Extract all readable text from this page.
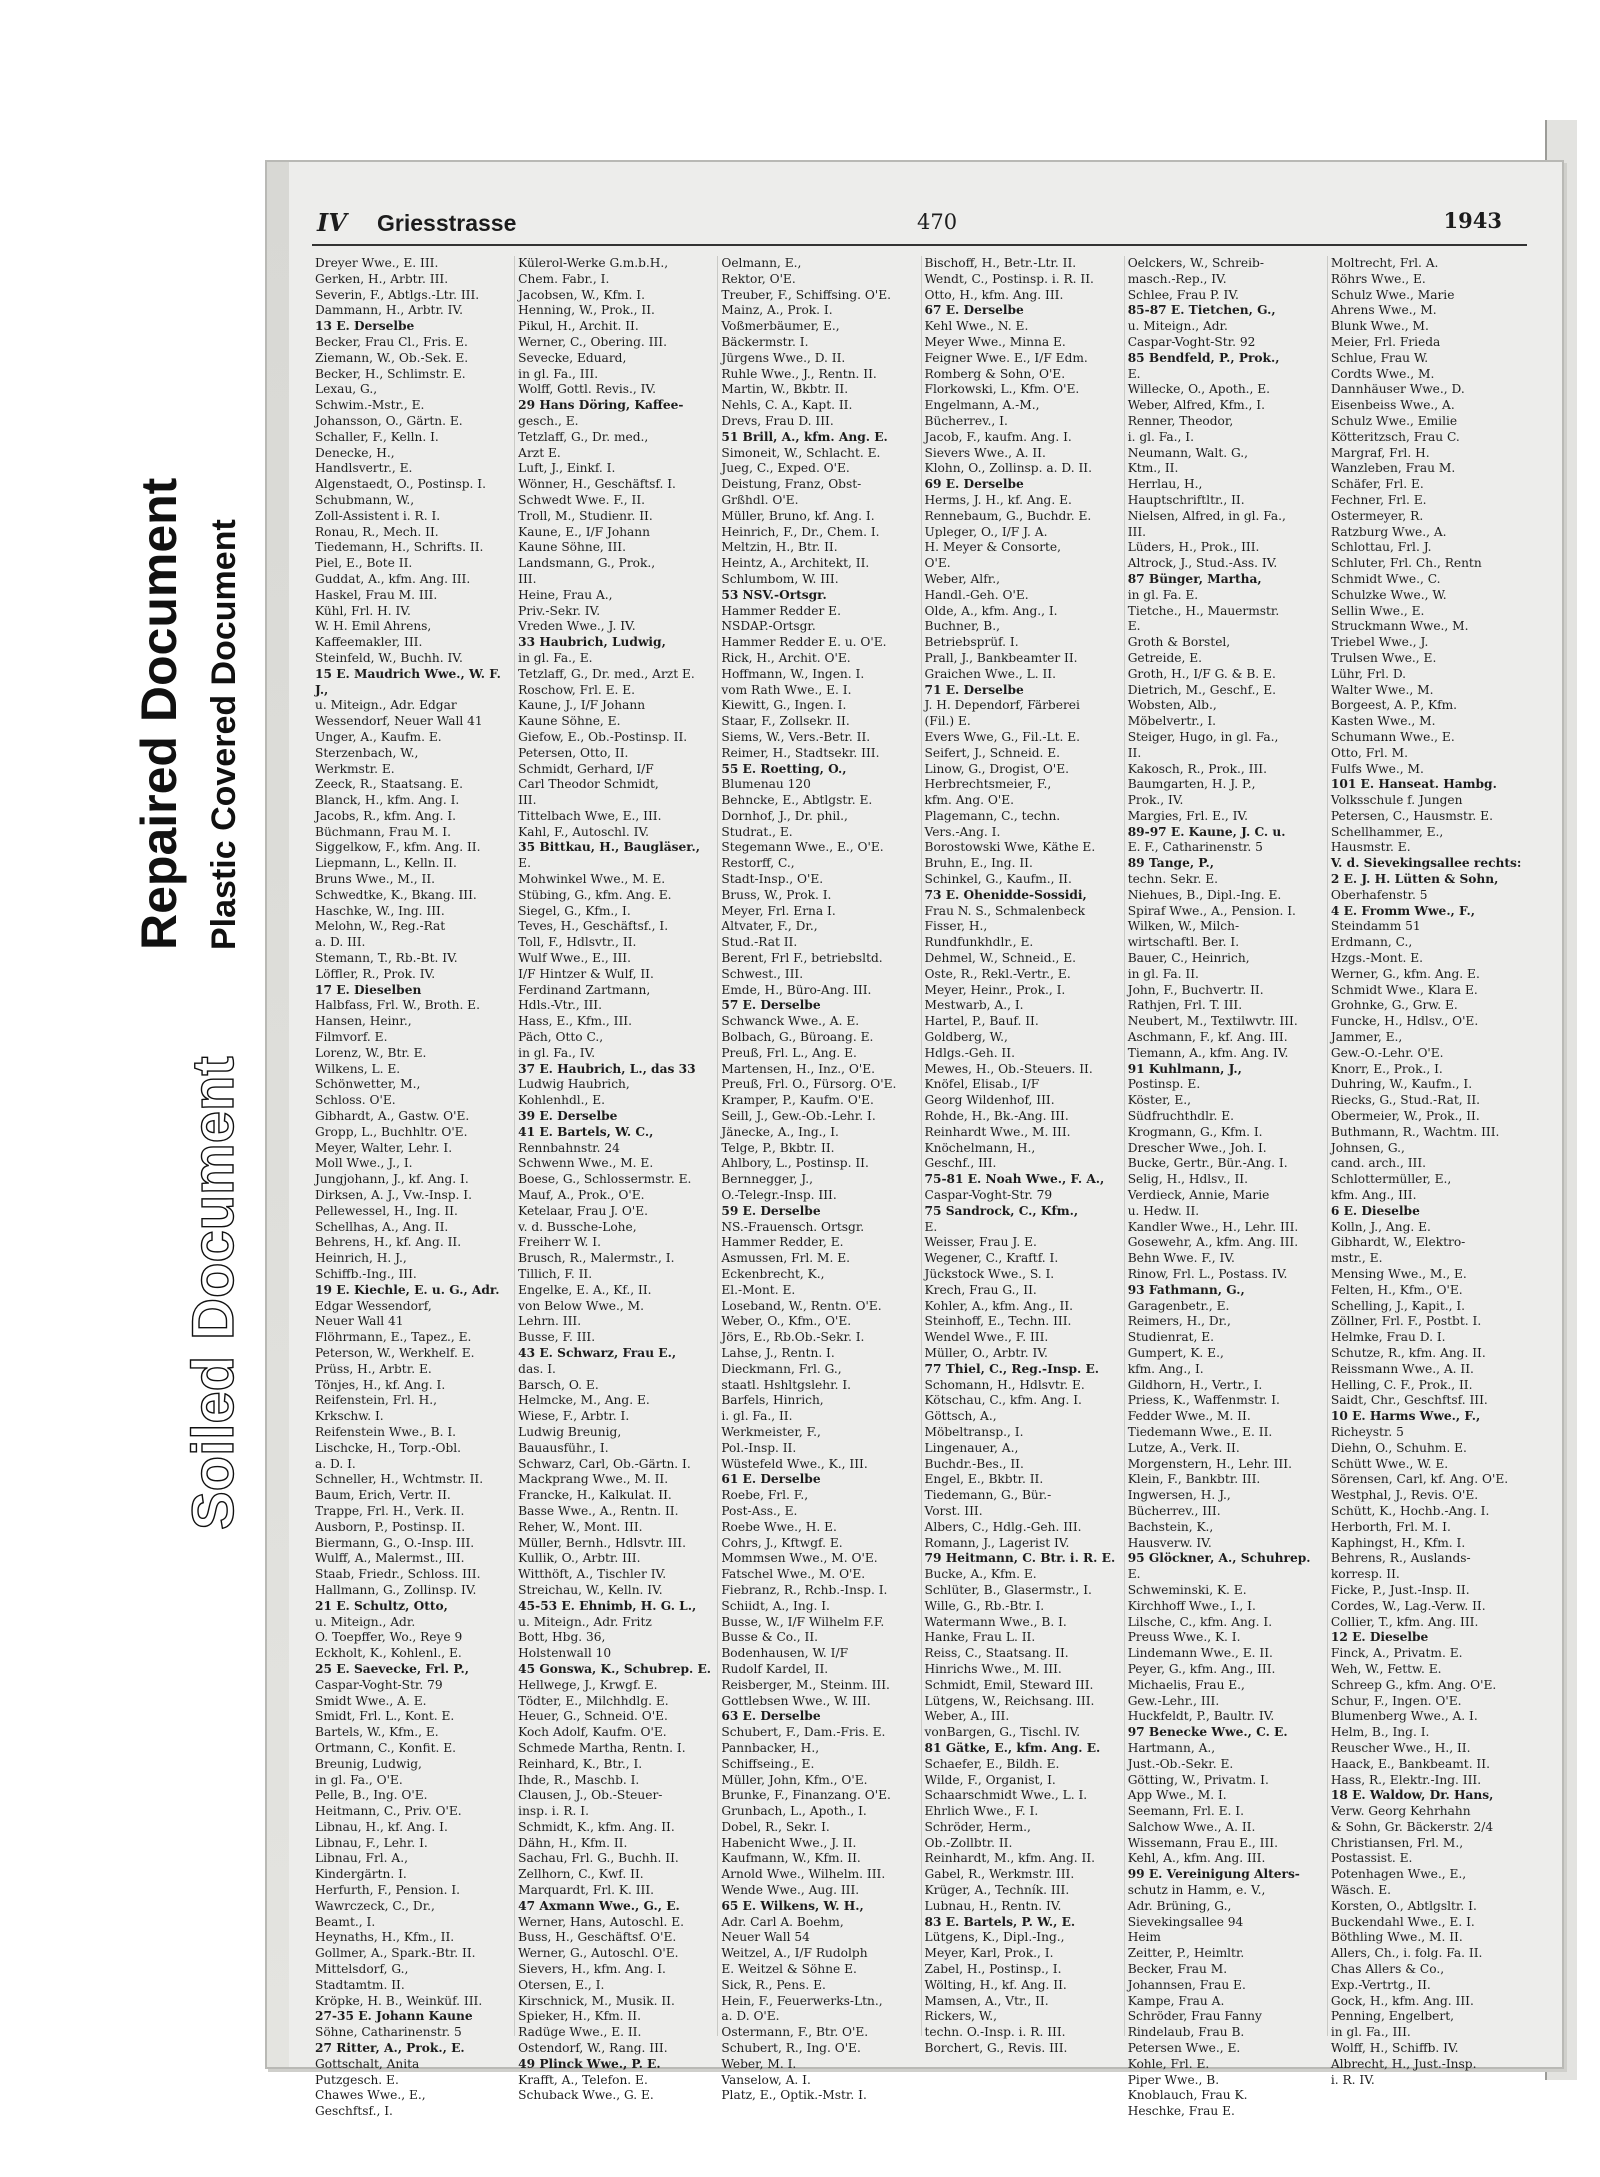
Repaired Document Plastic Covered Document
Soiled Document
IV Griesstrasse	470	1943

Dreyer Wwe., E. III.

Gerken, H., Arbtr. III.

Severin, F., Abtlgs.-Ltr. III.

Dammann, H., Arbtr. IV.

13 E. Derselbe

Becker, Frau Cl., Fris. E.

Ziemann, W., Ob.-Sek. E.

Becker, H., Schlimstr. E.

Lexau, G.,

Schwim.-Mstr., E.

Johansson, O., Gärtn. E.

Schaller, F., Kelln. I.

Denecke, H.,

Handlsvertr., E.

Algenstaedt, O., Postinsp. I.

Schubmann, W.,

Zoll-Assistent i. R. I.

Ronau, R., Mech. II.

Tiedemann, H., Schrifts. II.

Piel, E., Bote II.

Guddat, A., kfm. Ang. III.

Haskel, Frau M. III.

Kühl, Frl. H. IV.

W. H. Emil Ahrens,

Kaffeemakler, III.

Steinfeld, W., Buchh. IV.

15 E. Maudrich Wwe., W. F. J.,

u. Miteign., Adr. Edgar

Wessendorf, Neuer Wall 41

Unger, A., Kaufm. E.

Sterzenbach, W.,

Werkmstr. E.

Zeeck, R., Staatsang. E.

Blanck, H., kfm. Ang. I.

Jacobs, R., kfm. Ang. I.

Büchmann, Frau M. I.

Siggelkow, F., kfm. Ang. II.

Liepmann, L., Kelln. II.

Bruns Wwe., M., II.

Schwedtke, K., Bkang. III.

Haschke, W., Ing. III.

Melohn, W., Reg.-Rat

a. D. III.

Stemann, T., Rb.-Bt. IV.

Löffler, R., Prok. IV.

17 E. Dieselben

Halbfass, Frl. W., Broth. E.

Hansen, Heinr.,

Filmvorf. E.

Lorenz, W., Btr. E.

Wilkens, L. E.

Schönwetter, M.,

Schloss. O'E.

Gibhardt, A., Gastw. O'E.

Gropp, L., Buchhltr. O'E.

Meyer, Walter, Lehr. I.

Moll Wwe., J., I.

Jungjohann, J., kf. Ang. I.

Dirksen, A. J., Vw.-Insp. I.

Pellewessel, H., Ing. II.

Schellhas, A., Ang. II.

Behrens, H., kf. Ang. II.

Heinrich, H. J.,

Schiffb.-Ing., III.

19 E. Kiechle, E. u. G., Adr.

Edgar Wessendorf,

Neuer Wall 41

Flöhrmann, E., Tapez., E.

Peterson, W., Werkhelf. E.

Prüss, H., Arbtr. E.

Tönjes, H., kf. Ang. I.

Reifenstein, Frl. H.,

Krkschw. I.

Reifenstein Wwe., B. I.

Lischcke, H., Torp.-Obl.

a. D. I.

Schneller, H., Wchtmstr. II.

Baum, Erich, Vertr. II.

Trappe, Frl. H., Verk. II.

Ausborn, P., Postinsp. II.

Biermann, G., O.-Insp. III.

Wulff, A., Malermst., III.

Staab, Friedr., Schloss. III.

Hallmann, G., Zollinsp. IV.

21 E. Schultz, Otto,

u. Miteign., Adr.

O. Toepffer, Wo., Reye 9

Eckholt, K., Kohlenl., E.

25 E. Saevecke, Frl. P.,

Caspar-Voght-Str. 79

Smidt Wwe., A. E.

Smidt, Frl. L., Kont. E.

Bartels, W., Kfm., E.

Ortmann, C., Konfit. E.

Breunig, Ludwig,

in gl. Fa., O'E.

Pelle, B., Ing. O'E.

Heitmann, C., Priv. O'E.

Libnau, H., kf. Ang. I.

Libnau, F., Lehr. I.

Libnau, Frl. A.,

Kindergärtn. I.

Herfurth, F., Pension. I.

Wawrczeck, C., Dr.,

Beamt., I.

Heynaths, H., Kfm., II.

Gollmer, A., Spark.-Btr. II.

Mittelsdorf, G.,

Stadtamtm. II.

Kröpke, H. B., Weinküf. III.

27-35 E. Johann Kaune

Söhne, Catharinenstr. 5

27 Ritter, A., Prok., E.

Gottschalt, Anita

Putzgesch. E.

Chawes Wwe., E.,

Geschftsf., I.

Külerol-Werke G.m.b.H.,

Chem. Fabr., I.

Jacobsen, W., Kfm. I.

Henning, W., Prok., II.

Pikul, H., Archit. II.

Werner, C., Obering. III.

Sevecke, Eduard,

in gl. Fa., III.

Wolff, Gottl. Revis., IV.

29 Hans Döring, Kaffee-

gesch., E.

Tetzlaff, G., Dr. med.,

Arzt E.

Luft, J., Einkf. I.

Wönner, H., Geschäftsf. I.

Schwedt Wwe. F., II.

Troll, M., Studienr. II.

Kaune, E., I/F Johann

Kaune Söhne, III.

Landsmann, G., Prok.,

III.

Heine, Frau A.,

Priv.-Sekr. IV.

Vreden Wwe., J. IV.

33 Haubrich, Ludwig,

in gl. Fa., E.

Tetzlaff, G., Dr. med., Arzt E.

Roschow, Frl. E. E.

Kaune, J., I/F Johann

Kaune Söhne, E.

Giefow, E., Ob.-Postinsp. II.

Petersen, Otto, II.

Schmidt, Gerhard, I/F

Carl Theodor Schmidt,

III.

Tittelbach Wwe, E., III.

Kahl, F., Autoschl. IV.

35 Bittkau, H., Baugläser.,

E.

Mohwinkel Wwe., M. E.

Stübing, G., kfm. Ang. E.

Siegel, G., Kfm., I.

Teves, H., Geschäftsf., I.

Toll, F., Hdlsvtr., II.

Wulf Wwe., E., III.

I/F Hintzer & Wulf, II.

Ferdinand Zartmann,

Hdls.-Vtr., III.

Hass, E., Kfm., III.

Päch, Otto C.,

in gl. Fa., IV.

37 E. Haubrich, L., das 33

Ludwig Haubrich,

Kohlenhdl., E.

39 E. Derselbe

41 E. Bartels, W. C.,

Rennbahnstr. 24

Schwenn Wwe., M. E.

Boese, G., Schlossermstr. E.

Mauf, A., Prok., O'E.

Ketelaar, Frau J. O'E.

v. d. Bussche-Lohe,

Freiherr W. I.

Brusch, R., Malermstr., I.

Tillich, F. II.

Engelke, E. A., Kf., II.

von Below Wwe., M.

Lehrn. III.

Busse, F. III.

43 E. Schwarz, Frau E.,

das. I.

Barsch, O. E.

Helmcke, M., Ang. E.

Wiese, F., Arbtr. I.

Ludwig Breunig,

Bauausführ., I.

Schwarz, Carl, Ob.-Gärtn. I.

Mackprang Wwe., M. II.

Francke, H., Kalkulat. II.

Basse Wwe., A., Rentn. II.

Reher, W., Mont. III.

Müller, Bernh., Hdlsvtr. III.

Kullik, O., Arbtr. III.

Witthöft, A., Tischler IV.

Streichau, W., Kelln. IV.

45-53 E. Ehnimb, H. G. L.,

u. Miteign., Adr. Fritz

Bott, Hbg. 36,

Holstenwall 10

45 Gonswa, K., Schubrep. E.

Hellwege, J., Krwgf. E.

Tödter, E., Milchhdlg. E.

Heuer, G., Schneid. O'E.

Koch Adolf, Kaufm. O'E.

Schmede Martha, Rentn. I.

Reinhard, K., Btr., I.

Ihde, R., Maschb. I.

Clausen, J., Ob.-Steuer-

insp. i. R. I.

Schmidt, K., kfm. Ang. II.

Dähn, H., Kfm. II.

Sachau, Frl. G., Buchh. II.

Zellhorn, C., Kwf. II.

Marquardt, Frl. K. III.

47 Axmann Wwe., G., E.

Werner, Hans, Autoschl. E.

Buss, H., Geschäftsf. O'E.

Werner, G., Autoschl. O'E.

Sievers, H., kfm. Ang. I.

Otersen, E., I.

Kirschnick, M., Musik. II.

Spieker, H., Kfm. II.

Radüge Wwe., E. II.

Ostendorf, W., Rang. III.

49 Plinck Wwe., P. E.

Krafft, A., Telefon. E.

Schuback Wwe., G. E.

Oelmann, E.,

Rektor, O'E.

Treuber, F., Schiffsing. O'E.

Mainz, A., Prok. I.

Voßmerbäumer, E.,

Bäckermstr. I.

Jürgens Wwe., D. II.

Ruhle Wwe., J., Rentn. II.

Martin, W., Bkbtr. II.

Nehls, C. A., Kapt. II.

Drevs, Frau D. III.

51 Brill, A., kfm. Ang. E.

Simoneit, W., Schlacht. E.

Jueg, C., Exped. O'E.

Deistung, Franz, Obst-

Grßhdl. O'E.

Müller, Bruno, kf. Ang. I.

Heinrich, F., Dr., Chem. I.

Meltzin, H., Btr. II.

Heintz, A., Architekt, II.

Schlumbom, W. III.

53 NSV.-Ortsgr.

Hammer Redder E.

NSDAP.-Ortsgr.

Hammer Redder E. u. O'E.

Rick, H., Archit. O'E.

Hoffmann, W., Ingen. I.

vom Rath Wwe., E. I.

Kiewitt, G., Ingen. I.

Staar, F., Zollsekr. II.

Siems, W., Vers.-Betr. II.

Reimer, H., Stadtsekr. III.

55 E. Roetting, O.,

Blumenau 120

Behncke, E., Abtlgstr. E.

Dornhof, J., Dr. phil.,

Studrat., E.

Stegemann Wwe., E., O'E.

Restorff, C.,

Stadt-Insp., O'E.

Bruss, W., Prok. I.

Meyer, Frl. Erna I.

Altvater, F., Dr.,

Stud.-Rat II.

Berent, Frl F., betriebsltd.

Schwest., III.

Emde, H., Büro-Ang. III.

57 E. Derselbe

Schwanck Wwe., A. E.

Bolbach, G., Büroang. E.

Preuß, Frl. L., Ang. E.

Martensen, H., Inz., O'E.

Preuß, Frl. O., Fürsorg. O'E.

Kramper, P., Kaufm. O'E.

Seill, J., Gew.-Ob.-Lehr. I.

Jänecke, A., Ing., I.

Telge, P., Bkbtr. II.

Ahlbory, L., Postinsp. II.

Bernnegger, J.,

O.-Telegr.-Insp. III.

59 E. Derselbe

NS.-Frauensch. Ortsgr.

Hammer Redder, E.

Asmussen, Frl. M. E.

Eckenbrecht, K.,

El.-Mont. E.

Loseband, W., Rentn. O'E.

Weber, O., Kfm., O'E.

Jörs, E., Rb.Ob.-Sekr. I.

Lahse, J., Rentn. I.

Dieckmann, Frl. G.,

staatl. Hshltgslehr. I.

Barfels, Hinrich,

i. gl. Fa., II.

Werkmeister, F.,

Pol.-Insp. II.

Wüstefeld Wwe., K., III.

61 E. Derselbe

Roebe, Frl. F.,

Post-Ass., E.

Roebe Wwe., H. E.

Cohrs, J., Kftwgf. E.

Mommsen Wwe., M. O'E.

Fatschel Wwe., M. O'E.

Fiebranz, R., Rchb.-Insp. I.

Schiidt, A., Ing. I.

Busse, W., I/F Wilhelm F.F.

Busse & Co., II.

Bodenhausen, W. I/F

Rudolf Kardel, II.

Reisberger, M., Steinm. III.

Gottlebsen Wwe., W. III.

63 E. Derselbe

Schubert, F., Dam.-Fris. E.

Pannbacker, H.,

Schiffseing., E.

Müller, John, Kfm., O'E.

Brunke, F., Finanzang. O'E.

Grunbach, L., Apoth., I.

Dobel, R., Sekr. I.

Habenicht Wwe., J. II.

Kaufmann, W., Kfm. II.

Arnold Wwe., Wilhelm. III.

Wende Wwe., Aug. III.

65 E. Wilkens, W. H.,

Adr. Carl A. Boehm,

Neuer Wall 54

Weitzel, A., I/F Rudolph

E. Weitzel & Söhne E.

Sick, R., Pens. E.

Hein, F., Feuerwerks-Ltn.,

a. D. O'E.

Ostermann, F., Btr. O'E.

Schubert, R., Ing. O'E.

Weber, M. I.

Vanselow, A. I.

Platz, E., Optik.-Mstr. I.

Bischoff, H., Betr.-Ltr. II.

Wendt, C., Postinsp. i. R. II.

Otto, H., kfm. Ang. III.

67 E. Derselbe

Kehl Wwe., N. E.

Meyer Wwe., Minna E.

Feigner Wwe. E., I/F Edm.

Romberg & Sohn, O'E.

Florkowski, L., Kfm. O'E.

Engelmann, A.-M.,

Bücherrev., I.

Jacob, F., kaufm. Ang. I.

Sievers Wwe., A. II.

Klohn, O., Zollinsp. a. D. II.

69 E. Derselbe

Herms, J. H., kf. Ang. E.

Rennebaum, G., Buchdr. E.

Upleger, O., I/F J. A.

H. Meyer & Consorte,

O'E.

Weber, Alfr.,

Handl.-Geh. O'E.

Olde, A., kfm. Ang., I.

Buchner, B.,

Betriebsprüf. I.

Prall, J., Bankbeamter II.

Graichen Wwe., L. II.

71 E. Derselbe

J. H. Dependorf, Färberei

(Fil.) E.

Evers Wwe, G., Fil.-Lt. E.

Seifert, J., Schneid. E.

Linow, G., Drogist, O'E.

Herbrechtsmeier, F.,

kfm. Ang. O'E.

Plagemann, C., techn.

Vers.-Ang. I.

Borostowski Wwe, Käthe E.

Bruhn, E., Ing. II.

Schinkel, G., Kaufm., II.

73 E. Ohenidde-Sossidi,

Frau N. S., Schmalenbeck

Fisser, H.,

Rundfunkhdlr., E.

Dehmel, W., Schneid., E.

Oste, R., Rekl.-Vertr., E.

Meyer, Heinr., Prok., I.

Mestwarb, A., I.

Hartel, P., Bauf. II.

Goldberg, W.,

Hdlgs.-Geh. II.

Mewes, H., Ob.-Steuers. II.

Knöfel, Elisab., I/F

Georg Wildenhof, III.

Rohde, H., Bk.-Ang. III.

Reinhardt Wwe., M. III.

Knöchelmann, H.,

Geschf., III.

75-81 E. Noah Wwe., F. A.,

Caspar-Voght-Str. 79

75 Sandrock, C., Kfm.,

E.

Weisser, Frau J. E.

Wegener, C., Kraftf. I.

Jückstock Wwe., S. I.

Krech, Frau G., II.

Kohler, A., kfm. Ang., II.

Steinhoff, E., Techn. III.

Wendel Wwe., F. III.

Müller, O., Arbtr. IV.

77 Thiel, C., Reg.-Insp. E.

Schomann, H., Hdlsvtr. E.

Kötschau, C., kfm. Ang. I.

Göttsch, A.,

Möbeltransp., I.

Lingenauer, A.,

Buchdr.-Bes., II.

Engel, E., Bkbtr. II.

Tiedemann, G., Bür.-

Vorst. III.

Albers, C., Hdlg.-Geh. III.

Romann, J., Lagerist IV.

79 Heitmann, C. Btr. i. R. E.

Bucke, A., Kfm. E.

Schlüter, B., Glasermstr., I.

Wille, G., Rb.-Btr. I.

Watermann Wwe., B. I.

Hanke, Frau L. II.

Reiss, C., Staatsang. II.

Hinrichs Wwe., M. III.

Schmidt, Emil, Steward III.

Lütgens, W., Reichsang. III.

Weber, A., III.

vonBargen, G., Tischl. IV.

81 Gätke, E., kfm. Ang. E.

Schaefer, E., Bildh. E.

Wilde, F., Organist, I.

Schaarschmidt Wwe., L. I.

Ehrlich Wwe., F. I.

Schröder, Herm.,

Ob.-Zollbtr. II.

Reinhardt, M., kfm. Ang. II.

Gabel, R., Werkmstr. III.

Krüger, A., Techník. III.

Lubnau, H., Rentn. IV.

83 E. Bartels, P. W., E.

Lütgens, K., Dipl.-Ing.,

Meyer, Karl, Prok., I.

Zabel, H., Postinsp., I.

Wölting, H., kf. Ang. II.

Mamsen, A., Vtr., II.

Rickers, W.,

techn. O.-Insp. i. R. III.

Borchert, G., Revis. III.

Oelckers, W., Schreib-

masch.-Rep., IV.

Schlee, Frau P. IV.

85-87 E. Tietchen, G.,

u. Miteign., Adr.

Caspar-Voght-Str. 92

85 Bendfeld, P., Prok.,

E.

Willecke, O., Apoth., E.

Weber, Alfred, Kfm., I.

Renner, Theodor,

i. gl. Fa., I.

Neumann, Walt. G.,

Ktm., II.

Herrlau, H.,

Hauptschriftltr., II.

Nielsen, Alfred, in gl. Fa.,

III.

Lüders, H., Prok., III.

Altrock, J., Stud.-Ass. IV.

87 Bünger, Martha,

in gl. Fa. E.

Tietche., H., Mauermstr.

E.

Groth & Borstel,

Getreide, E.

Groth, H., I/F G. & B. E.

Dietrich, M., Geschf., E.

Wobsten, Alb.,

Möbelvertr., I.

Steiger, Hugo, in gl. Fa.,

II.

Kakosch, R., Prok., III.

Baumgarten, H. J. P.,

Prok., IV.

Margies, Frl. E., IV.

89-97 E. Kaune, J. C. u.

E. F., Catharinenstr. 5

89 Tange, P.,

techn. Sekr. E.

Niehues, B., Dipl.-Ing. E.

Spiraf Wwe., A., Pension. I.

Wilken, W., Milch-

wirtschaftl. Ber. I.

Bauer, C., Heinrich,

in gl. Fa. II.

John, F., Buchvertr. II.

Rathjen, Frl. T. III.

Neubert, M., Textilwvtr. III.

Aschmann, F., kf. Ang. III.

Tiemann, A., kfm. Ang. IV.

91 Kuhlmann, J.,

Postinsp. E.

Köster, E.,

Südfruchthdlr. E.

Krogmann, G., Kfm. I.

Drescher Wwe., Joh. I.

Bucke, Gertr., Bür.-Ang. I.

Selig, H., Hdlsv., II.

Verdieck, Annie, Marie

u. Hedw. II.

Kandler Wwe., H., Lehr. III.

Gosewehr, A., kfm. Ang. III.

Behn Wwe. F., IV.

Rinow, Frl. L., Postass. IV.

93 Fathmann, G.,

Garagenbetr., E.

Reimers, H., Dr.,

Studienrat, E.

Gumpert, K. E.,

kfm. Ang., I.

Gildhorn, H., Vertr., I.

Priess, K., Waffenmstr. I.

Fedder Wwe., M. II.

Tiedemann Wwe., E. II.

Lutze, A., Verk. II.

Morgenstern, H., Lehr. III.

Klein, F., Bankbtr. III.

Ingwersen, H. J.,

Bücherrev., III.

Bachstein, K.,

Hausverw. IV.

95 Glöckner, A., Schuhrep.

E.

Schweminski, K. E.

Kirchhoff Wwe., I., I.

Lilsche, C., kfm. Ang. I.

Preuss Wwe., K. I.

Lindemann Wwe., E. II.

Peyer, G., kfm. Ang., III.

Michaelis, Frau E.,

Gew.-Lehr., III.

Huckfeldt, P., Baultr. IV.

97 Benecke Wwe., C. E.

Hartmann, A.,

Just.-Ob.-Sekr. E.

Götting, W., Privatm. I.

App Wwe., M. I.

Seemann, Frl. E. I.

Salchow Wwe., A. II.

Wissemann, Frau E., III.

Kehl, A., kfm. Ang. III.

99 E. Vereinigung Alters-

schutz in Hamm, e. V.,

Adr. Brüning, G.,

Sievekingsallee 94

Heim

Zeitter, P., Heimltr.

Becker, Frau M.

Johannsen, Frau E.

Kampe, Frau A.

Schröder, Frau Fanny

Rindelaub, Frau B.

Petersen Wwe., E.

Kohle, Frl. E.

Piper Wwe., B.

Knoblauch, Frau K.

Heschke, Frau E.

Moltrecht, Frl. A.

Röhrs Wwe., E.

Schulz Wwe., Marie

Ahrens Wwe., M.

Blunk Wwe., M.

Meier, Frl. Frieda

Schlue, Frau W.

Cordts Wwe., M.

Dannhäuser Wwe., D.

Eisenbeiss Wwe., A.

Schulz Wwe., Emilie

Kötteritzsch, Frau C.

Margraf, Frl. H.

Wanzleben, Frau M.

Schäfer, Frl. E.

Fechner, Frl. E.

Ostermeyer, R.

Ratzburg Wwe., A.

Schlottau, Frl. J.

Schluter, Frl. Ch., Rentn

Schmidt Wwe., C.

Schulzke Wwe., W.

Sellin Wwe., E.

Struckmann Wwe., M.

Triebel Wwe., J.

Trulsen Wwe., E.

Lühr, Frl. D.

Walter Wwe., M.

Borgeest, A. P., Kfm.

Kasten Wwe., M.

Schumann Wwe., E.

Otto, Frl. M.

Fulfs Wwe., M.

101 E. Hanseat. Hambg.

Volksschule f. Jungen

Petersen, C., Hausmstr. E.

Schellhammer, E.,

Hausmstr. E.

V. d. Sievekingsallee rechts:

2 E. J. H. Lütten & Sohn,

Oberhafenstr. 5

4 E. Fromm Wwe., F.,

Steindamm 51

Erdmann, C.,

Hzgs.-Mont. E.

Werner, G., kfm. Ang. E.

Schmidt Wwe., Klara E.

Grohnke, G., Grw. E.

Funcke, H., Hdlsv., O'E.

Jammer, E.,

Gew.-O.-Lehr. O'E.

Knorr, E., Prok., I.

Duhring, W., Kaufm., I.

Riecks, G., Stud.-Rat, II.

Obermeier, W., Prok., II.

Buthmann, R., Wachtm. III.

Johnsen, G.,

cand. arch., III.

Schlottermüller, E.,

kfm. Ang., III.

6 E. Dieselbe

Kolln, J., Ang. E.

Gibhardt, W., Elektro-

mstr., E.

Mensing Wwe., M., E.

Felten, H., Kfm., O'E.

Schelling, J., Kapit., I.

Zöllner, Frl. F., Postbt. I.

Helmke, Frau D. I.

Schutze, R., kfm. Ang. II.

Reissmann Wwe., A. II.

Helling, C. F., Prok., II.

Saidt, Chr., Geschftsf. III.

10 E. Harms Wwe., F.,

Richeystr. 5

Diehn, O., Schuhm. E.

Schütt Wwe., W. E.

Sörensen, Carl, kf. Ang. O'E.

Westphal, J., Revis. O'E.

Schütt, K., Hochb.-Ang. I.

Herborth, Frl. M. I.

Kaphingst, H., Kfm. I.

Behrens, R., Auslands-

korresp. II.

Ficke, P., Just.-Insp. II.

Cordes, W., Lag.-Verw. II.

Collier, T., kfm. Ang. III.

12 E. Dieselbe

Finck, A., Privatm. E.

Weh, W., Fettw. E.

Schreep G., kfm. Ang. O'E.

Schur, F., Ingen. O'E.

Blumenberg Wwe., A. I.

Helm, B., Ing. I.

Reuscher Wwe., H., II.

Haack, E., Bankbeamt. II.

Hass, R., Elektr.-Ing. III.

18 E. Waldow, Dr. Hans,

Verw. Georg Kehrhahn

& Sohn, Gr. Bäckerstr. 2/4

Christiansen, Frl. M.,

Postassist. E.

Potenhagen Wwe., E.,

Wäsch. E.

Korsten, O., Abtlgsltr. I.

Buckendahl Wwe., E. I.

Böthling Wwe., M. II.

Allers, Ch., i. folg. Fa. II.

Chas Allers & Co.,

Exp.-Vertrtg., II.

Gock, H., kfm. Ang. III.

Penning, Engelbert,

in gl. Fa., III.

Wolff, H., Schiffb. IV.

Albrecht, H., Just.-Insp.

i. R. IV.
